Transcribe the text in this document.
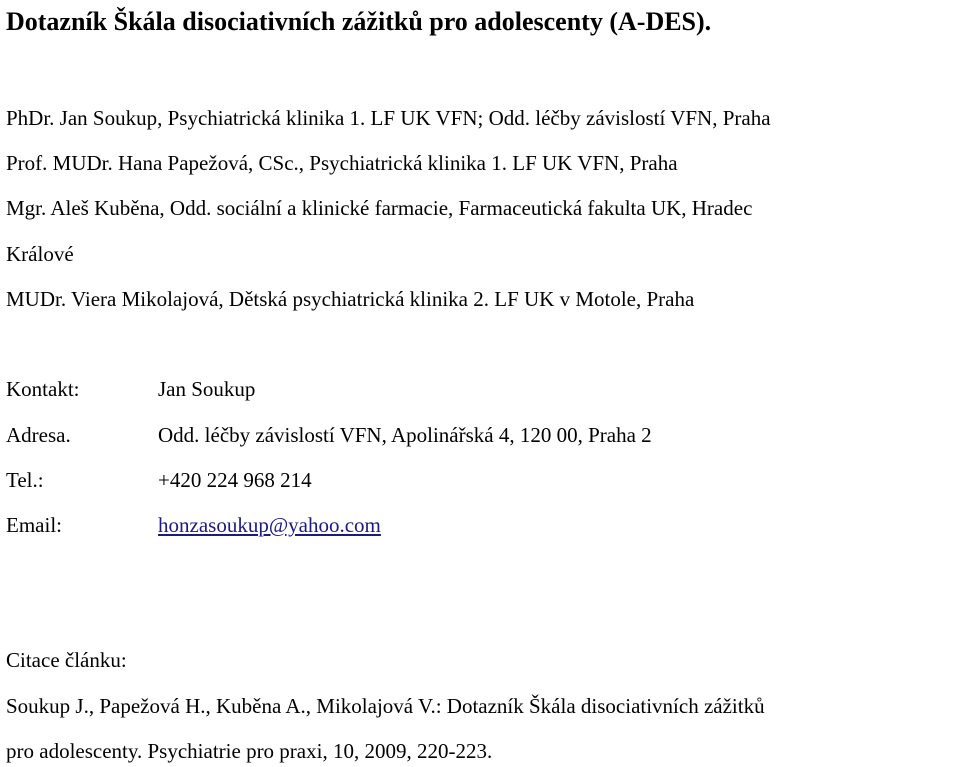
Dotazník Škála disociativních zážitků pro adolescenty (A-DES).
PhDr. Jan Soukup, Psychiatrická klinika 1. LF UK VFN; Odd. léčby závislostí VFN, Praha
Prof. MUDr. Hana Papežová, CSc., Psychiatrická klinika 1. LF UK VFN, Praha
Mgr. Aleš Kuběna, Odd. sociální a klinické farmacie, Farmaceutická fakulta UK, Hradec
Králové
MUDr. Viera Mikolajová, Dětská psychiatrická klinika 2. LF UK v Motole, Praha
Kontakt:	Jan Soukup
Adresa.	Odd. léčby závislostí VFN, Apolinářská 4, 120 00, Praha 2
Tel.:	+420 224 968 214
Email:	honzasoukup@yahoo.com
Citace článku:
Soukup J., Papežová H., Kuběna A., Mikolajová V.: Dotazník Škála disociativních zážitků
pro adolescenty. Psychiatrie pro praxi, 10, 2009, 220-223.
